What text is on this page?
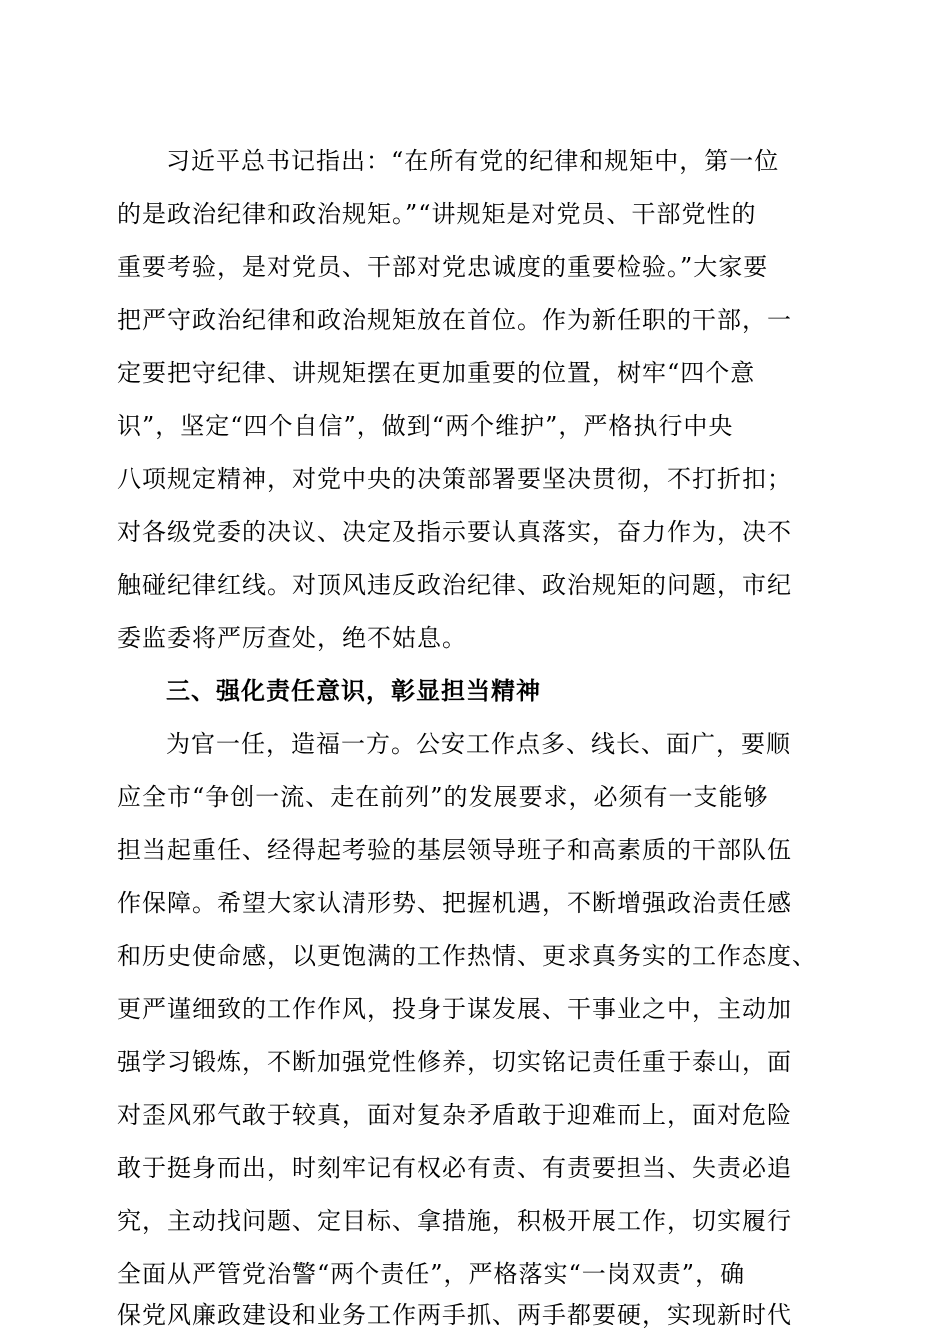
习近平总书记指出：“在所有党的纪律和规矩中，第一位
的是政治纪律和政治规矩。”“讲规矩是对党员、干部党性的
重要考验，是对党员、干部对党忠诚度的重要检验。”大家要
把严守政治纪律和政治规矩放在首位。作为新任职的干部，一
定要把守纪律、讲规矩摆在更加重要的位置，树牢“四个意
识”，坚定“四个自信”，做到“两个维护”，严格执行中央
八项规定精神，对党中央的决策部署要坚决贯彻，不打折扣；
对各级党委的决议、决定及指示要认真落实，奋力作为，决不
触碰纪律红线。对顶风违反政治纪律、政治规矩的问题，市纪
委监委将严厉查处，绝不姑息。
三、强化责任意识，彰显担当精神
为官一任，造福一方。公安工作点多、线长、面广，要顺
应全市“争创一流、走在前列”的发展要求，必须有一支能够
担当起重任、经得起考验的基层领导班子和高素质的干部队伍
作保障。希望大家认清形势、把握机遇，不断增强政治责任感
和历史使命感，以更饱满的工作热情、更求真务实的工作态度、
更严谨细致的工作作风，投身于谋发展、干事业之中，主动加
强学习锻炼，不断加强党性修养，切实铭记责任重于泰山，面
对歪风邪气敢于较真，面对复杂矛盾敢于迎难而上，面对危险
敢于挺身而出，时刻牢记有权必有责、有责要担当、失责必追
究，主动找问题、定目标、拿措施，积极开展工作，切实履行
全面从严管党治警“两个责任”，严格落实“一岗双责”，确
保党风廉政建设和业务工作两手抓、两手都要硬，实现新时代
